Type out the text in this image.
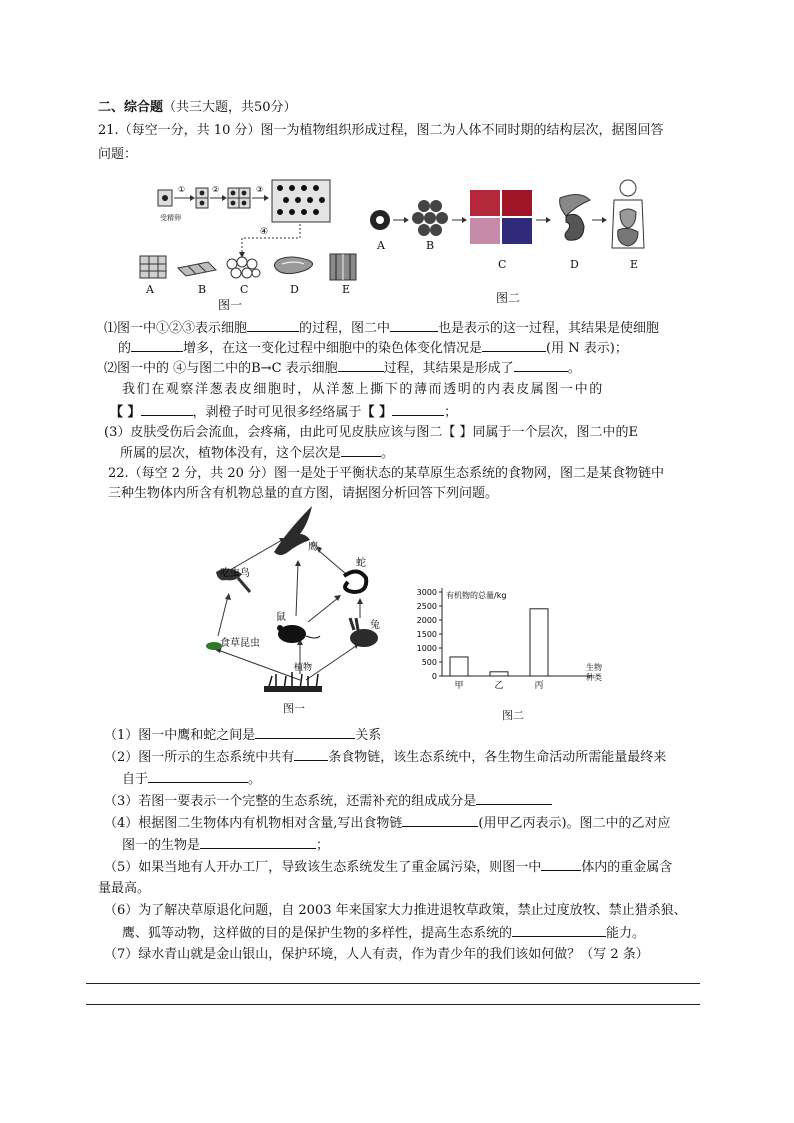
二、综合题（共三大题，共50分）
21.（每空一分，共 10 分）图一为植物组织形成过程，图二为人体不同时期的结构层次，据图回答
问题：
受精卵
①	②	③
④
A	B	C	D	E
图一
A	B
C	D	E
图二
⑴图一中①②③表示细胞	的过程，图二中	也是表示的这一过程，其结果是使细胞
的	增多，在这一变化过程中细胞中的染色体变化情况是	(用 N 表示)；
⑵图一中的 ④与图二中的B→C 表示细胞	过程，其结果是形成了	。
我们在观察洋葱表皮细胞时，从洋葱上撕下的薄而透明的内表皮属图一中的
【 】	，剥橙子时可见很多经络属于【 】	；
(3）皮肤受伤后会流血，会疼痛，由此可见皮肤应该与图二【 】同属于一个层次，图二中的E
所属的层次，植物体没有，这个层次是	。
22.（每空 2 分，共 20 分）图一是处于平衡状态的某草原生态系统的食物网，图二是某食物链中
三种生物体内所含有机物总量的直方图，请据图分析回答下列问题。
鹰
蛇
吃虫鸟
鼠
兔
食草昆虫
植物
图一
0
500
1000
1500
2000
2500
3000 有机物的总量/kg
甲	乙	丙
生物
种类
图二
（1）图一中鹰和蛇之间是	关系
（2）图一所示的生态系统中共有	条食物链，该生态系统中，各生物生命活动所需能量最终来
自于	。
（3）若图一要表示一个完整的生态系统，还需补充的组成成分是
（4）根据图二生物体内有机物相对含量,写出食物链	(用甲乙丙表示)。图二中的乙对应
图一的生物是	；
（5）如果当地有人开办工厂，导致该生态系统发生了重金属污染，则图一中	体内的重金属含
量最高。
（6）为了解决草原退化问题，自 2003 年来国家大力推进退牧草政策，禁止过度放牧、禁止猎杀狼、
鹰、狐等动物，这样做的目的是保护生物的多样性，提高生态系统的	能力。
（7）绿水青山就是金山银山，保护环境，人人有责，作为青少年的我们该如何做？（写 2 条）
